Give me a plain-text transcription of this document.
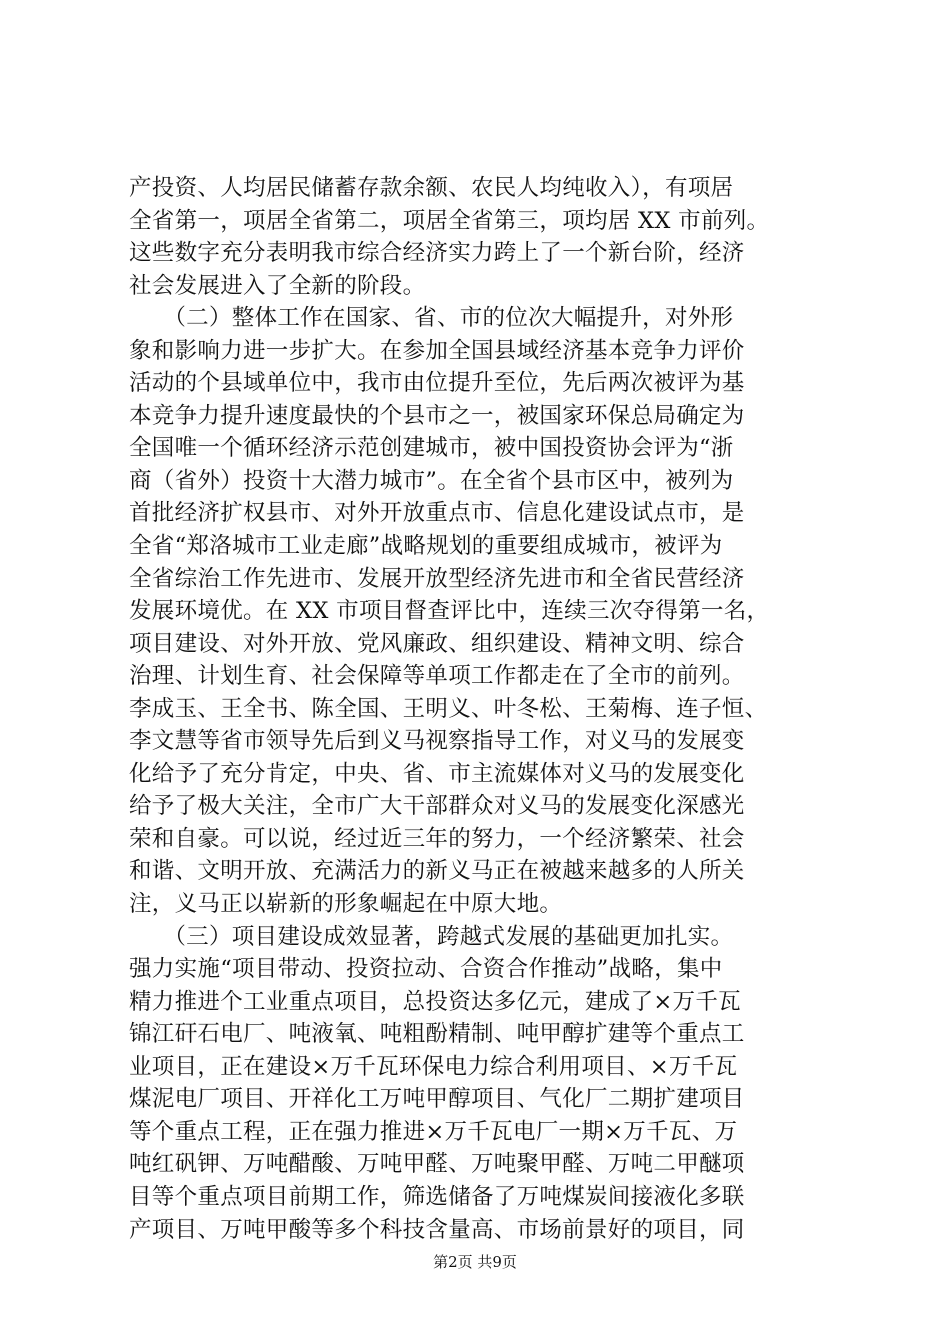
产投资、人均居民储蓄存款余额、农民人均纯收入），有项居
全省第一，项居全省第二，项居全省第三，项均居 XX 市前列。
这些数字充分表明我市综合经济实力跨上了一个新台阶，经济
社会发展进入了全新的阶段。
　　（二）整体工作在国家、省、市的位次大幅提升，对外形
象和影响力进一步扩大。在参加全国县域经济基本竞争力评价
活动的个县域单位中，我市由位提升至位，先后两次被评为基
本竞争力提升速度最快的个县市之一，被国家环保总局确定为
全国唯一个循环经济示范创建城市，被中国投资协会评为“浙
商（省外）投资十大潜力城市”。在全省个县市区中，被列为
首批经济扩权县市、对外开放重点市、信息化建设试点市，是
全省“郑洛城市工业走廊”战略规划的重要组成城市，被评为
全省综治工作先进市、发展开放型经济先进市和全省民营经济
发展环境优。在 XX 市项目督查评比中，连续三次夺得第一名，
项目建设、对外开放、党风廉政、组织建设、精神文明、综合
治理、计划生育、社会保障等单项工作都走在了全市的前列。
李成玉、王全书、陈全国、王明义、叶冬松、王菊梅、连子恒、
李文慧等省市领导先后到义马视察指导工作，对义马的发展变
化给予了充分肯定，中央、省、市主流媒体对义马的发展变化
给予了极大关注，全市广大干部群众对义马的发展变化深感光
荣和自豪。可以说，经过近三年的努力，一个经济繁荣、社会
和谐、文明开放、充满活力的新义马正在被越来越多的人所关
注，义马正以崭新的形象崛起在中原大地。
　　（三）项目建设成效显著，跨越式发展的基础更加扎实。
强力实施“项目带动、投资拉动、合资合作推动”战略，集中
精力推进个工业重点项目，总投资达多亿元，建成了×万千瓦
锦江矸石电厂、吨液氧、吨粗酚精制、吨甲醇扩建等个重点工
业项目，正在建设×万千瓦环保电力综合利用项目、×万千瓦
煤泥电厂项目、开祥化工万吨甲醇项目、气化厂二期扩建项目
等个重点工程，正在强力推进×万千瓦电厂一期×万千瓦、万
吨红矾钾、万吨醋酸、万吨甲醛、万吨聚甲醛、万吨二甲醚项
目等个重点项目前期工作，筛选储备了万吨煤炭间接液化多联
产项目、万吨甲酸等多个科技含量高、市场前景好的项目，同
第2页 共9页
